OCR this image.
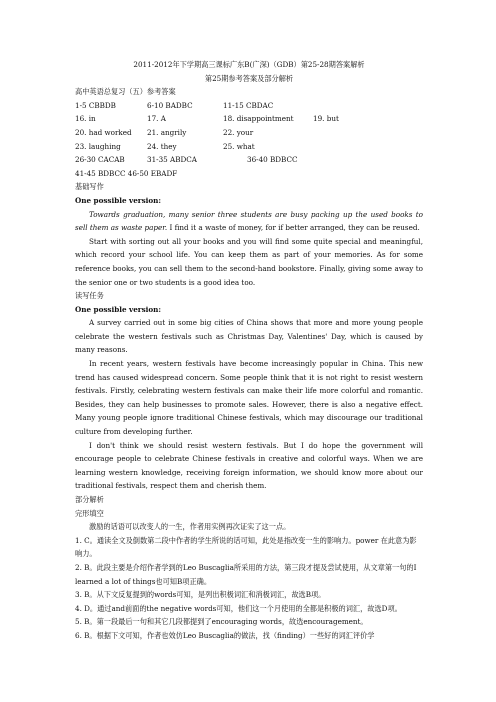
2011-2012年下学期高三课标广东B(广深)（GDB）第25-28期答案解析
第25期参考答案及部分解析
高中英语总复习（五）参考答案
1-5 CBBDB	6-10 BADBC	11-15 CBDAC
16. in	17. A	18. disappointment	19. but
20. had worked 21. angrily	22. your
23. laughing	24. they	25. what
26-30 CACAB	31-35 ABDCA	36-40 BDBCC
41-45 BDBCC 46-50 EBADF
基础写作
One possible version:
Towards graduation, many senior three students are busy packing up the used books to sell them as waste paper. I find it a waste of money, for if better arranged, they can be reused.
Start with sorting out all your books and you will find some quite special and meaningful, which record your school life. You can keep them as part of your memories. As for some reference books, you can sell them to the second-hand bookstore. Finally, giving some away to the senior one or two students is a good idea too.
读写任务
One possible version:
A survey carried out in some big cities of China shows that more and more young people celebrate the western festivals such as Christmas Day, Valentines' Day, which is caused by many reasons.
In recent years, western festivals have become increasingly popular in China. This new trend has caused widespread concern. Some people think that it is not right to resist western festivals. Firstly, celebrating western festivals can make their life more colorful and romantic. Besides, they can help businesses to promote sales. However, there is also a negative effect. Many young people ignore traditional Chinese festivals, which may discourage our traditional culture from developing further.
I don't think we should resist western festivals. But I do hope the government will encourage people to celebrate Chinese festivals in creative and colorful ways. When we are learning western knowledge, receiving foreign information, we should know more about our traditional festivals, respect them and cherish them.
部分解析
完形填空
激励的话语可以改变人的一生，作者用实例再次证实了这一点。
1. C。通读全文及倒数第二段中作者的学生所说的话可知，此处是指改变一生的影响力。power 在此意为影响力。
2. B。此段主要是介绍作者学到的Leo Buscaglia所采用的方法，第三段才提及尝试使用，从文章第一句的I learned a lot of things也可知B项正确。
3. B。从下文反复提到的words可知，是列出积极词汇和消极词汇，故选B项。
4. D。通过and前面的the negative words可知，他们这一个月使用的全都是积极的词汇，故选D项。
5. B。第一段最后一句和其它几段都提到了encouraging words，故选encouragement。
6. B。根据下文可知，作者也效仿Leo Buscaglia的做法，找（finding）一些好的词汇评价学
